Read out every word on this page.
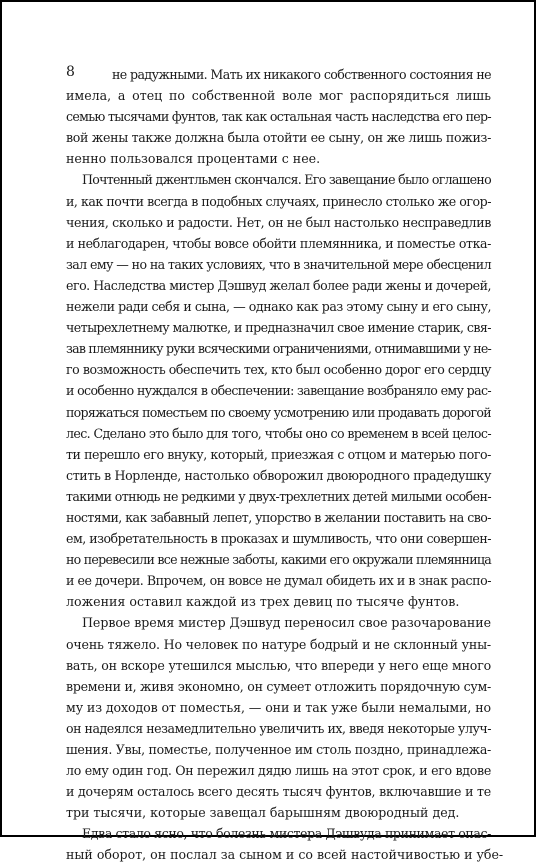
8	не радужными. Мать их никакого собственного состояния не
имела, а отец по собственной воле мог распорядиться лишь
семью тысячами фунтов, так как остальная часть наследства его пер-
вой жены также должна была отойти ее сыну, он же лишь пожиз-
ненно пользовался процентами с нее.
Почтенный джентльмен скончался. Его завещание было оглашено
и, как почти всегда в подобных случаях, принесло столько же огор-
чения, сколько и радости. Нет, он не был настолько несправедлив
и неблагодарен, чтобы вовсе обойти племянника, и поместье отка-
зал ему — но на таких условиях, что в значительной мере обесценил
его. Наследства мистер Дэшвуд желал более ради жены и дочерей,
нежели ради себя и сына, — однако как раз этому сыну и его сыну,
четырехлетнему малютке, и предназначил свое имение старик, свя-
зав племяннику руки всяческими ограничениями, отнимавшими у не-
го возможность обеспечить тех, кто был особенно дорог его сердцу
и особенно нуждался в обеспечении: завещание возбраняло ему рас-
поряжаться поместьем по своему усмотрению или продавать дорогой
лес. Сделано это было для того, чтобы оно со временем в всей целос-
ти перешло его внуку, который, приезжая с отцом и матерью пого-
стить в Норленде, настолько обворожил двоюродного прадедушку
такими отнюдь не редкими у двух-трехлетних детей милыми особен-
ностями, как забавный лепет, упорство в желании поставить на сво-
ем, изобретательность в проказах и шумливость, что они совершен-
но перевесили все нежные заботы, какими его окружали племянница
и ее дочери. Впрочем, он вовсе не думал обидеть их и в знак распо-
ложения оставил каждой из трех девиц по тысяче фунтов.
Первое время мистер Дэшвуд переносил свое разочарование
очень тяжело. Но человек по натуре бодрый и не склонный уны-
вать, он вскоре утешился мыслью, что впереди у него еще много
времени и, живя экономно, он сумеет отложить порядочную сум-
му из доходов от поместья, — они и так уже были немалыми, но
он надеялся незамедлительно увеличить их, введя некоторые улуч-
шения. Увы, поместье, полученное им столь поздно, принадлежа-
ло ему один год. Он пережил дядю лишь на этот срок, и его вдове
и дочерям осталось всего десять тысяч фунтов, включавшие и те
три тысячи, которые завещал барышням двоюродный дед.
Едва стало ясно, что болезнь мистера Дэшвуда принимает опас-
ный оборот, он послал за сыном и со всей настойчивостью и убе-
